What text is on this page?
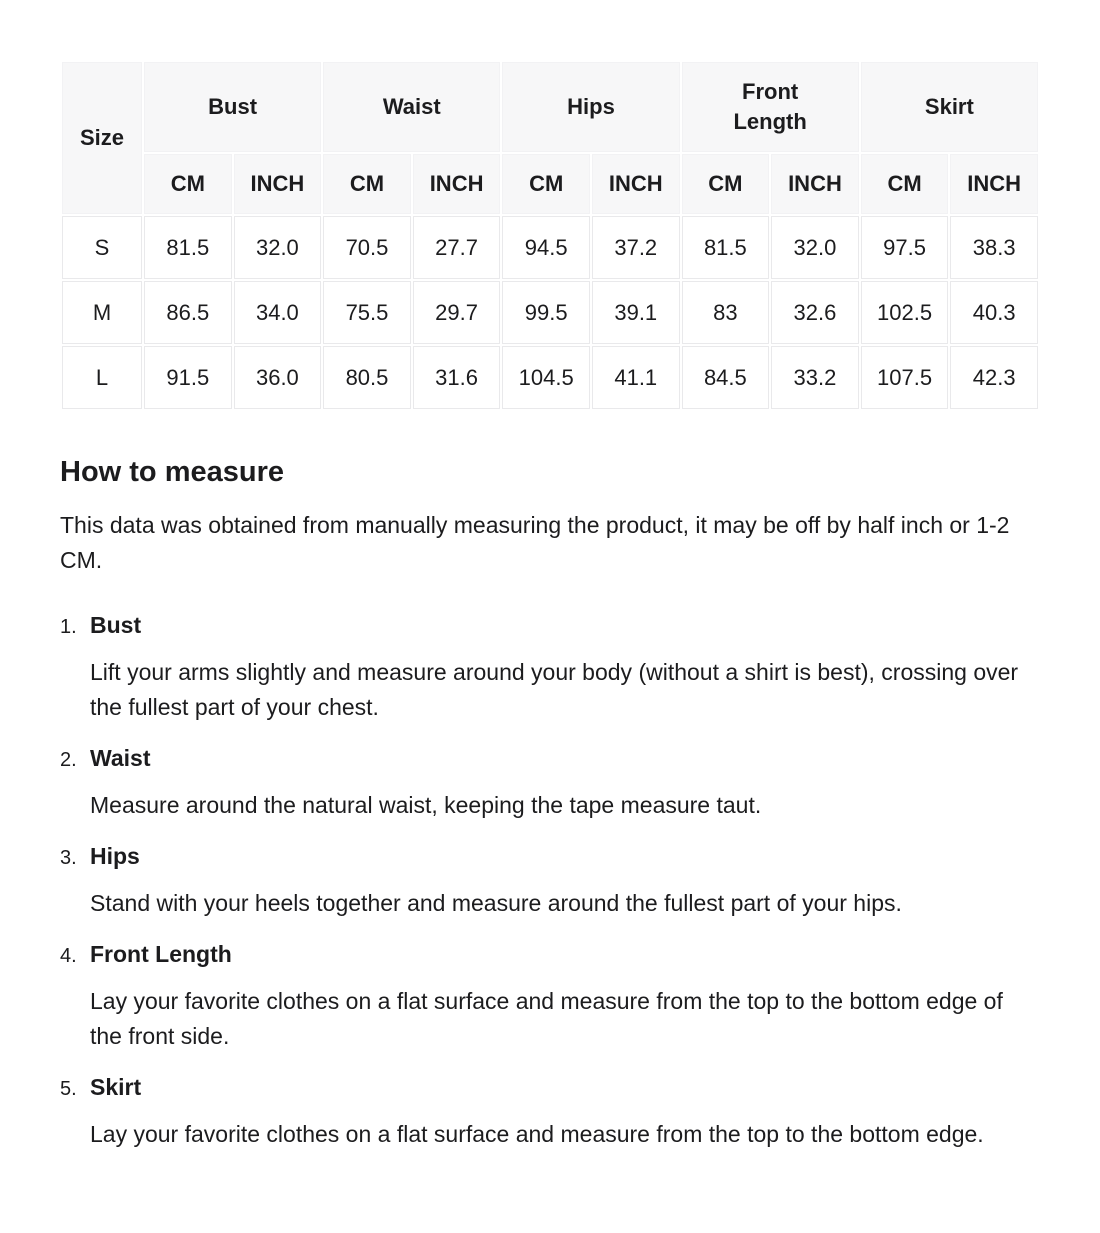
Size	Bust		Waist		Hips		Front Length		Skirt	
	CM	INCH	CM	INCH	CM	INCH	CM	INCH	CM	INCH
S	81.5	32.0	70.5	27.7	94.5	37.2	81.5	32.0	97.5	38.3
M	86.5	34.0	75.5	29.7	99.5	39.1	83	32.6	102.5	40.3
L	91.5	36.0	80.5	31.6	104.5	41.1	84.5	33.2	107.5	42.3
How to measure

This data was obtained from manually measuring the product, it may be off by half inch or 1-2 CM.

1. Bust

Lift your arms slightly and measure around your body (without a shirt is best), crossing over the fullest part of your chest.

2. Waist

Measure around the natural waist, keeping the tape measure taut.

3. Hips

Stand with your heels together and measure around the fullest part of your hips.

4. Front Length

Lay your favorite clothes on a flat surface and measure from the top to the bottom edge of the front side.

5. Skirt

Lay your favorite clothes on a flat surface and measure from the top to the bottom edge.
